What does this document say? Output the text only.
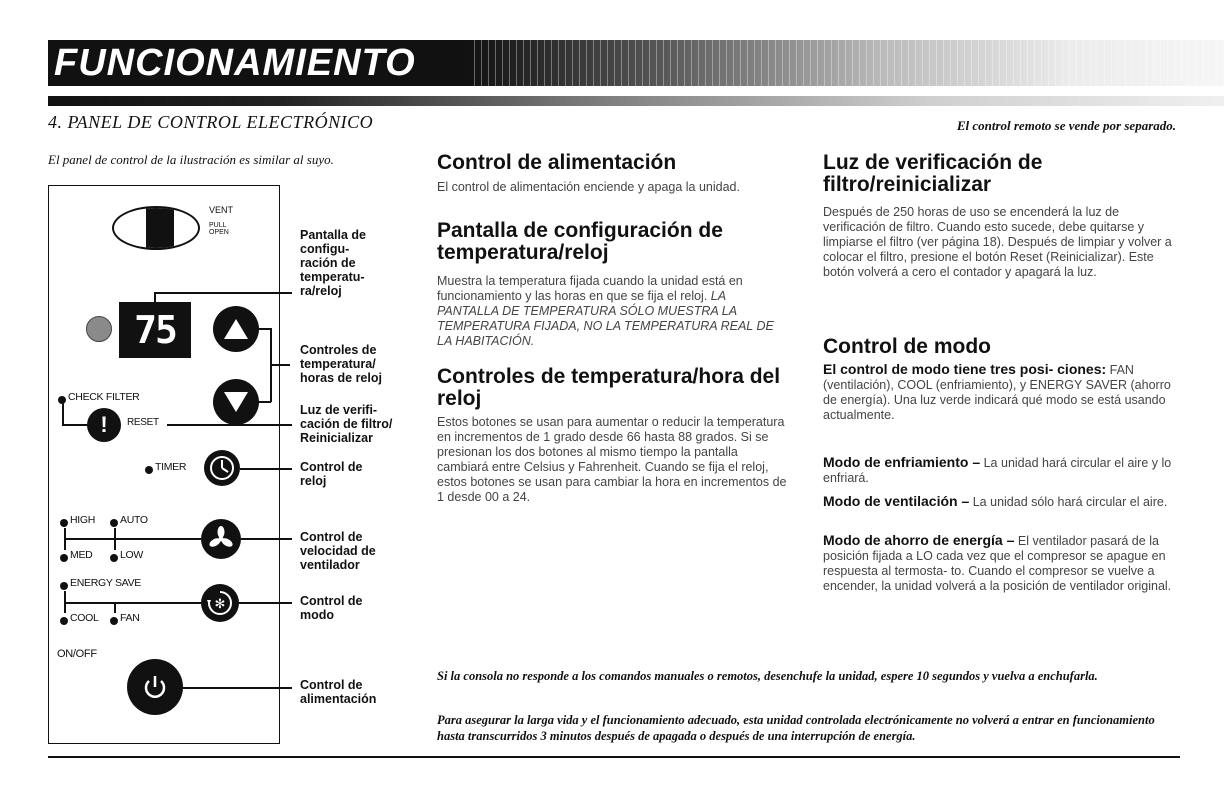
FUNCIONAMIENTO
4. PANEL DE CONTROL ELECTRÓNICO	El control remoto se vende por separado.
El panel de control de la ilustración es similar al suyo.
VENT
PULL
OPEN
75
CHECK FILTER
! RESET
TIMER
HIGH AUTO
MED	LOW
ENERGY SAVE
COOL FAN
✻
ON/OFF
Pantalla de configu- ración de temperatu- ra/reloj
Controles de temperatura/ horas de reloj
Luz de verifi- cación de filtro/ Reinicializar
Control de reloj
Control de velocidad de ventilador
Control de modo
Control de alimentación
Control de alimentación
El control de alimentación enciende y apaga la unidad.
Pantalla de configuración de temperatura/reloj
Muestra la temperatura fijada cuando la unidad está en funcionamiento y las horas en que se fija el reloj. LA PANTALLA DE TEMPERATURA SÓLO MUESTRA LA TEMPERATURA FIJADA, NO LA TEMPERATURA REAL DE LA HABITACIÓN.
Controles de temperatura/hora del reloj
Estos botones se usan para aumentar o reducir la temperatura en incrementos de 1 grado desde 66 hasta 88 grados. Si se presionan los dos botones al mismo tiempo la pantalla cambiará entre Celsius y Fahrenheit. Cuando se fija el reloj, estos botones se usan para cambiar la hora en incrementos de 1 desde 00 a 24.
Luz de verificación de filtro/reinicializar
Después de 250 horas de uso se encenderá la luz de verificación de filtro. Cuando esto sucede, debe quitarse y limpiarse el filtro (ver página 18). Después de limpiar y volver a colocar el filtro, presione el botón Reset (Reinicializar). Este botón volverá a cero el contador y apagará la luz.
Control de modo
El control de modo tiene tres posi- ciones: FAN (ventilación), COOL (enfriamiento), y ENERGY SAVER (ahorro de energía). Una luz verde indicará qué modo se está usando actualmente.
Modo de enfriamiento – La unidad hará circular el aire y lo enfriará.
Modo de ventilación – La unidad sólo hará circular el aire.
Modo de ahorro de energía – El ventilador pasará de la posición fijada a LO cada vez que el compresor se apague en respuesta al termosta- to. Cuando el compresor se vuelve a encender, la unidad volverá a la posición de ventilador original.
Si la consola no responde a los comandos manuales o remotos, desenchufe la unidad, espere 10 segundos y vuelva a enchufarla.
Para asegurar la larga vida y el funcionamiento adecuado, esta unidad controlada electrónicamente no volverá a entrar en funcionamiento hasta transcurridos 3 minutos después de apagada o después de una interrupción de energía.
